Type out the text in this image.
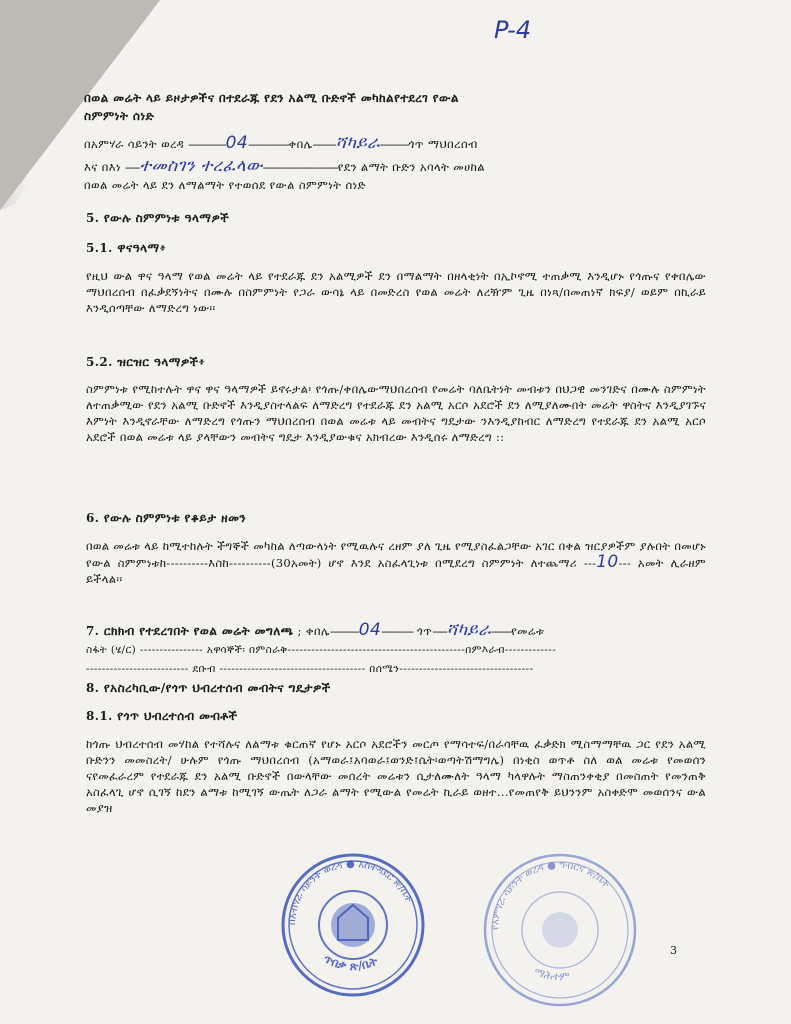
P-4
በወል መሬት ላይ ይዞታዎችና በተደራጁ የደን አልሚ ቡድኖች መካከልየተደረገ የውል
ስምምነት ሰነድ
በአምሃራ ሳይንት ወረዳ -------------04--------------ቀበሌ--------ሻካይራ----------ጎጥ ማህበረሰብ
እና በእነ -----ተመስገን ተረፈላው--------------------------የደን ልማት ቡድን አባላት መሀከል
በወል መሬት ላይ ደን ለማልማት የተወሰደ የውል ስምምነት ሰነድ
5. የውሉ ስምምነቱ ዓላማዎች
5.1. ዋናዓላማ፥
የዚህ ውል ዋና ዓላማ የወል መሬት ላይ የተደራጁ ደን አልሚዎች ደን በማልማት በዘላቂነት በኢኮኖሚ ተጠቃሚ እንዲሆኑ የጎጡና የቀበሌው ማህበረሰብ በፈቃደኝነትና በሙሉ በስምምነት የጋራ ውሳኔ ላይ በመድረስ የወል መሬት ለረዥም ጊዜ በነጻ/በመጠነኛ ክፍያ/ ወይም በኪራይ እንዲሰጣቸው ለማድረግ ነው፡፡
5.2. ዝርዝር ዓላማዎች፥
ስምምነቱ የሚከተሉት ዋና ዋና ዓላማዎች ይኖሩታል፡ የጎጡ/ቀበሌውማህበረሰብ የመሬት ባለቤትነት መብቱን በህጋዊ መንገድና በሙሉ ስምምነት ለተጠቃሚው የደን አልሚ ቡድኖች እንዲያስተላልፍ ለማድረግ የተደራጁ ደን አልሚ አርሶ አደሮች ደን ለሚያለሙበት መሬት ዋስትና እንዲያገኙና እምነት እንዲኖራቸው ለማድረግ የጎጡን ማህበረሰብ በወል መሬቱ ላይ መብትና ግዴታው ንእንዲያከብር ለማድረግ የተደራጁ ደን አልሚ አርሶ አደሮች በወል መሬቱ ላይ ያላቸውን መብትና ግዴታ እንዲያውቁና አክብረው እንዲሰሩ ለማድረግ ::
6. የውሉ ስምምነቱ የቆይታ ዘመን
በወል መሬቱ ላይ ከሚተከሉት ችግኞች መካከል ለጣውላነት የሚዉሉና ረዘም ያለ ጊዜ የሚያስፈልጋቸው አገር በቀል ዝርያዎችም ያሉበት በመሆኑ የውል ስምምነቱከ----------እስከ----------(30አመት) ሆኖ እንደ አስፈላጊነቱ በሚደረግ ስምምነት ለተጨማሪ ---10--- አመት ሊራዘም ይችላል፡፡
7. ርክክብ የተደረገበት የወል መሬት መግለጫ ; ቀበሌ----------04----------- ጎጥ-----ሻካይራ-------የመሬቱ
ስፋት (ሄ/ር) ---------------- አዋሳኞች፡ በምስራቅ---------------------------------------------በምእራብ-------------
-------------------------- ደቡብ ------------------------------------- በሰሜን----------------------------------
8. የአስረካቢው/የጎጥ ህብረተሰብ መብትና ግዴታዎች
8.1. የጎጥ ህብረተሰብ መብቶች
ከጎጡ ህብረተሰብ መሃከል የተሻሉና ለልማቱ ቁርጠኛ የሆኑ አርሶ አደሮችን መርጦ የማሳተፍ/በራሳቸዉ ፈቃድክ ሚስማማቸዉ ጋር የደን አልሚ ቡድንን መመስረት/ ሁሉም የጎጡ ማህበረሰብ (አማወራ፤አባወራ፤ወንድ፤ሴት፡ወጣትሽማግሌ) በነቂስ ወጥቶ ስለ ወል መሬቱ የመወሰን ናየመፈራረም የተደራጁ ደን አልሚ ቡድኖች በውላቸው መሰረት መሬቱን ሲታለሙለት ዓላማ ካላዋሉት ማስጠንቀቂያ በመስጠት የመንጠቅ አስፈላጊ ሆኖ ሲገኝ ከደን ልማቱ ከሚገኝ ውጤት ለጋራ ልማት የሚውል የመሬት ኪራይ ወዘተ...የመጠየቅ ይህንንም አስቀድሞ መወሰንና ውል መያዝ
በአብሃራ ሳይንት ወረዳ ● አስተዳደር ጽ/ቤት
ጥበቃ ጽ/ቤት
የአምሃራ ሳይንት ወረዳ ● ግብርና ጽ/ቤት
ማሕተም
3
